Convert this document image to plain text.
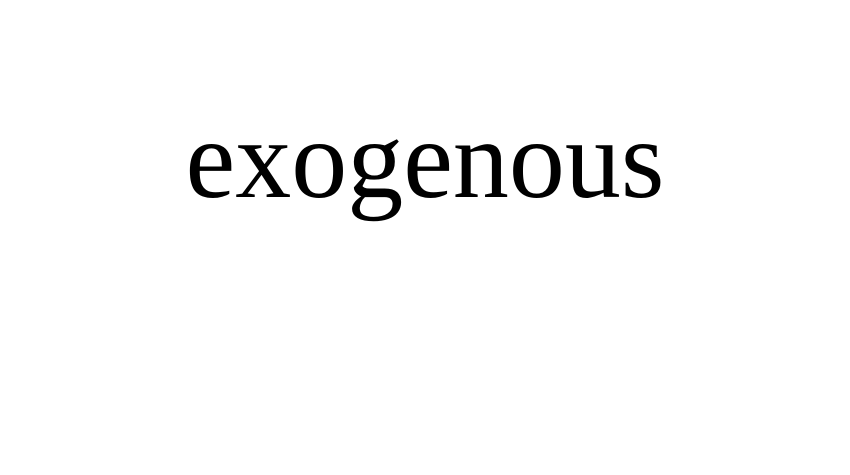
exogenous
